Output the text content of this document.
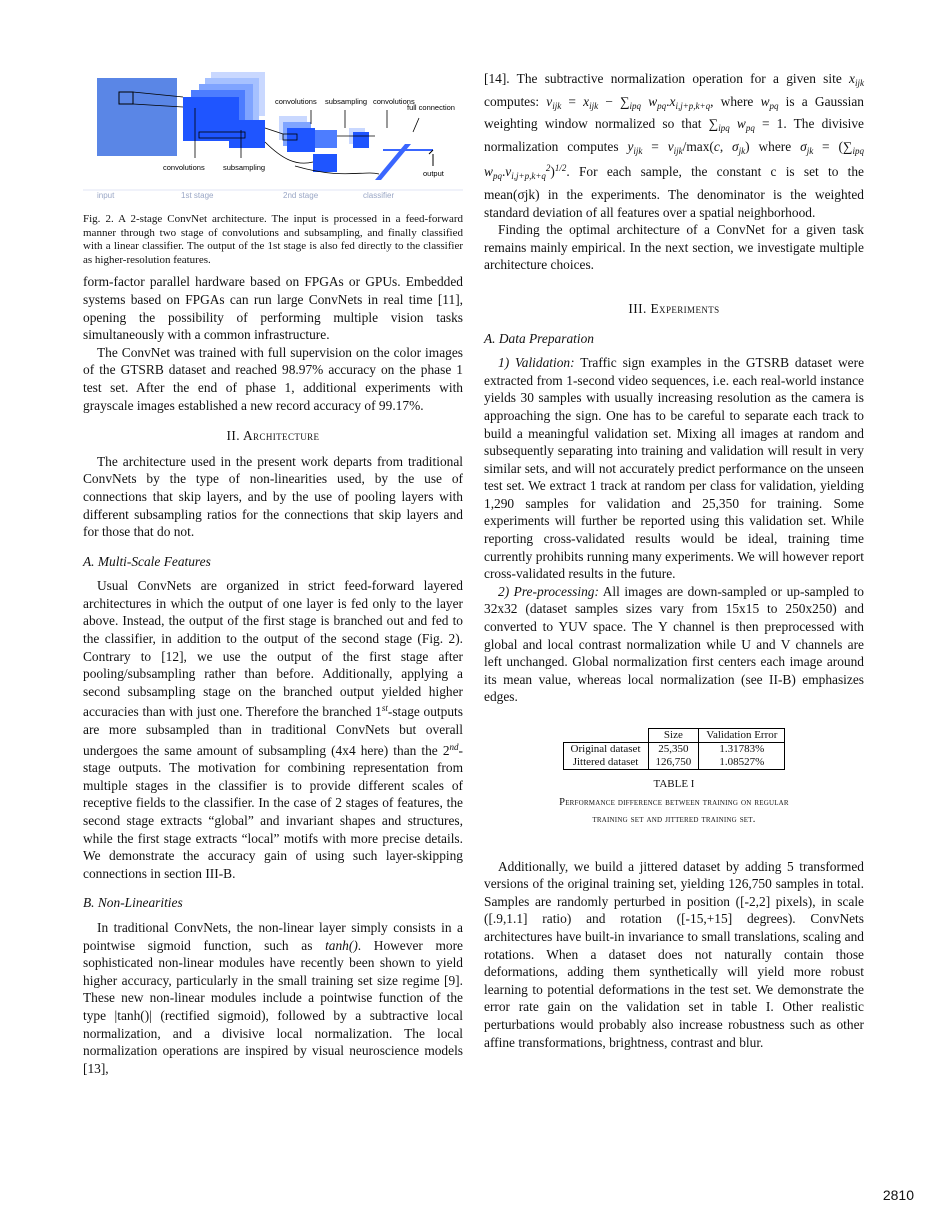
convolutions subsampling
convolutions subsampling convolutions
full connection
output
input	1st stage	2nd stage	classifier

Fig. 2. A 2-stage ConvNet architecture. The input is processed in a feed-forward manner through two stage of convolutions and subsampling, and finally classified with a linear classifier. The output of the 1st stage is also fed directly to the classifier as higher-resolution features.

form-factor parallel hardware based on FPGAs or GPUs. Embedded systems based on FPGAs can run large ConvNets in real time [11], opening the possibility of performing multiple vision tasks simultaneously with a common infrastructure.

The ConvNet was trained with full supervision on the color images of the GTSRB dataset and reached 98.97% accuracy on the phase 1 test set. After the end of phase 1, additional experiments with grayscale images established a new record accuracy of 99.17%.

II. Architecture

The architecture used in the present work departs from traditional ConvNets by the type of non-linearities used, by the use of connections that skip layers, and by the use of pooling layers with different subsampling ratios for the connections that skip layers and for those that do not.

A. Multi-Scale Features

Usual ConvNets are organized in strict feed-forward layered architectures in which the output of one layer is fed only to the layer above. Instead, the output of the first stage is branched out and fed to the classifier, in addition to the output of the second stage (Fig. 2). Contrary to [12], we use the output of the first stage after pooling/subsampling rather than before. Additionally, applying a second subsampling stage on the branched output yielded higher accuracies than with just one. Therefore the branched 1st-stage outputs are more subsampled than in traditional ConvNets but overall undergoes the same amount of subsampling (4x4 here) than the 2nd-stage outputs. The motivation for combining representation from multiple stages in the classifier is to provide different scales of receptive fields to the classifier. In the case of 2 stages of features, the second stage extracts “global” and invariant shapes and structures, while the first stage extracts “local” motifs with more precise details. We demonstrate the accuracy gain of using such layer-skipping connections in section III-B.

B. Non-Linearities

In traditional ConvNets, the non-linear layer simply consists in a pointwise sigmoid function, such as tanh(). However more sophisticated non-linear modules have recently been shown to yield higher accuracy, particularly in the small training set size regime [9]. These new non-linear modules include a pointwise function of the type |tanh()| (rectified sigmoid), followed by a subtractive local normalization, and a divisive local normalization. The local normalization operations are inspired by visual neuroscience models [13],

[14]. The subtractive normalization operation for a given site $x_{ijk}$ computes: $v_{ijk} = x_{ijk} - \sum_{ipq}$ $w_{pq}.x_{i,j+p,k+q}$, where $w_{pq}$ is a Gaussian weighting window normalized so that $\sum_{ipq}$ $w_{pq} = 1$. The divisive normalization computes $y_{ijk} = v_{ijk}/\max(c$, $\sigma_{jk}$) where $\sigma_{jk} = (\sum_{ipq}$ $w_{pq}.v_{i,j+p,k+q}^2)^{1/2}$. For each sample, the constant c is set to the mean(σjk) in the experiments. The denominator is the weighted standard deviation of all features over a spatial neighborhood.

Finding the optimal architecture of a ConvNet for a given task remains mainly empirical. In the next section, we investigate multiple architecture choices.

III. Experiments
A. Data Preparation

1) Validation: Traffic sign examples in the GTSRB dataset were extracted from 1-second video sequences, i.e. each real-world instance yields 30 samples with usually increasing resolution as the camera is approaching the sign. One has to be careful to separate each track to build a meaningful validation set. Mixing all images at random and subsequently separating into training and validation will result in very similar sets, and will not accurately predict performance on the unseen test set. We extract 1 track at random per class for validation, yielding 1,290 samples for validation and 25,350 for training. Some experiments will further be reported using this validation set. While reporting cross-validated results would be ideal, training time currently prohibits running many experiments. We will however report cross-validated results in the future.

2) Pre-processing: All images are down-sampled or up-sampled to 32x32 (dataset samples sizes vary from 15x15 to 250x250) and converted to YUV space. The Y channel is then preprocessed with global and local contrast normalization while U and V channels are left unchanged. Global normalization first centers each image around its mean value, whereas local normalization (see II-B) emphasizes edges.

	Size	Validation Error
Original dataset	25,350	1.31783%
Jittered dataset	126,750	1.08527%
TABLE I
Performance difference between training on regular
training set and jittered training set.

Additionally, we build a jittered dataset by adding 5 transformed versions of the original training set, yielding 126,750 samples in total. Samples are randomly perturbed in position ([-2,2] pixels), in scale ([.9,1.1] ratio) and rotation ([-15,+15] degrees). ConvNets architectures have built-in invariance to small translations, scaling and rotations. When a dataset does not naturally contain those deformations, adding them synthetically will yield more robust learning to potential deformations in the test set. We demonstrate the error rate gain on the validation set in table I. Other realistic perturbations would probably also increase robustness such as other affine transformations, brightness, contrast and blur.

2810
